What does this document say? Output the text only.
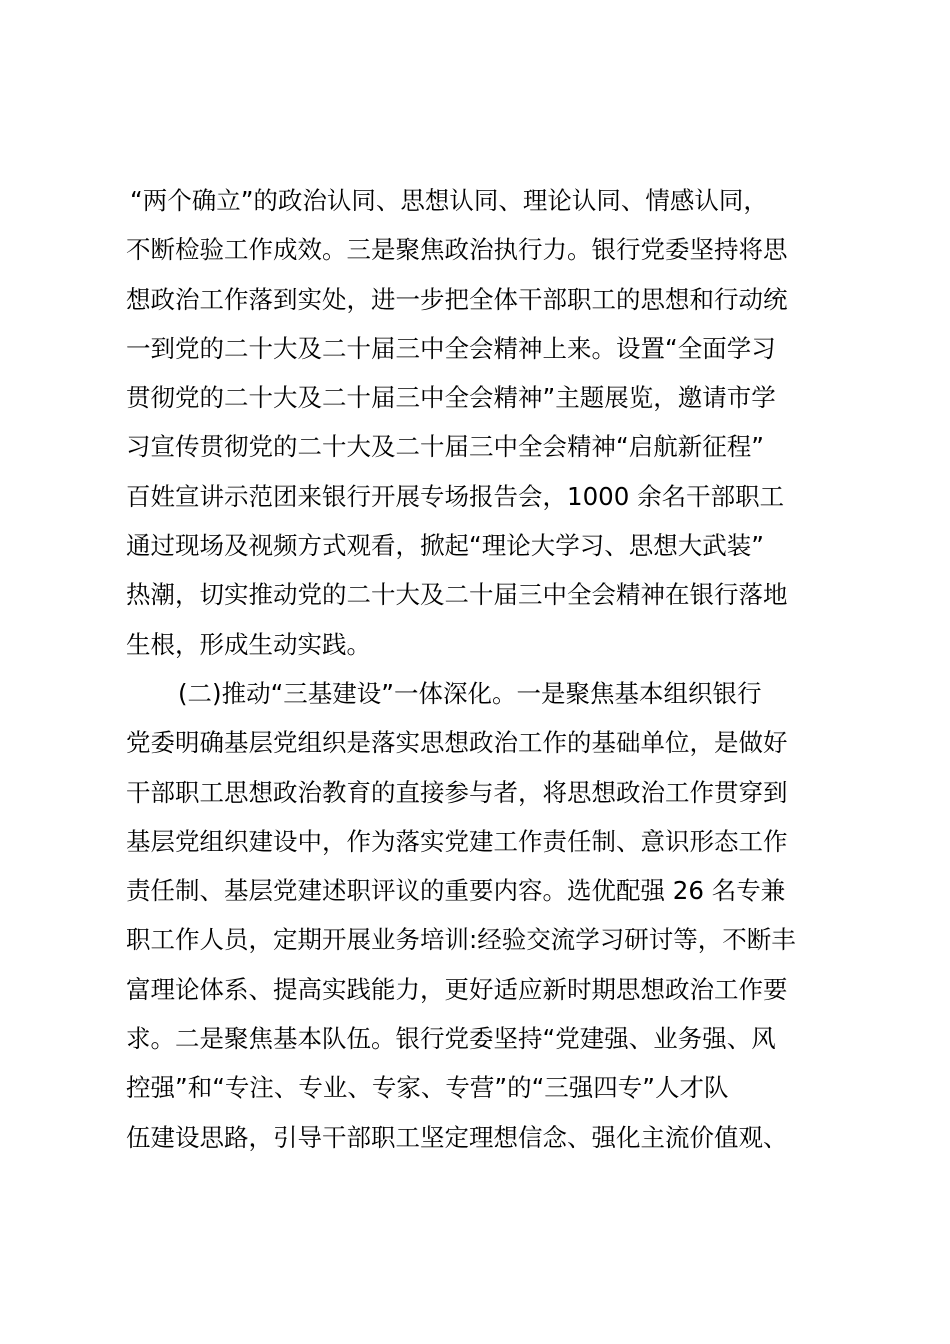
“两个确立”的政治认同、思想认同、理论认同、情感认同，
不断检验工作成效。三是聚焦政治执行力。银行党委坚持将思
想政治工作落到实处，进一步把全体干部职工的思想和行动统
一到党的二十大及二十届三中全会精神上来。设置“全面学习
贯彻党的二十大及二十届三中全会精神”主题展览，邀请市学
习宣传贯彻党的二十大及二十届三中全会精神“启航新征程”
百姓宣讲示范团来银行开展专场报告会，1000 余名干部职工
通过现场及视频方式观看，掀起“理论大学习、思想大武装”
热潮，切实推动党的二十大及二十届三中全会精神在银行落地
生根，形成生动实践。
(二)推动“三基建设”一体深化。一是聚焦基本组织银行
党委明确基层党组织是落实思想政治工作的基础单位，是做好
干部职工思想政治教育的直接参与者，将思想政治工作贯穿到
基层党组织建设中，作为落实党建工作责任制、意识形态工作
责任制、基层党建述职评议的重要内容。选优配强 26 名专兼
职工作人员，定期开展业务培训:经验交流学习研讨等，不断丰
富理论体系、提高实践能力，更好适应新时期思想政治工作要
求。二是聚焦基本队伍。银行党委坚持“党建强、业务强、风
控强”和“专注、专业、专家、专营”的“三强四专”人才队
伍建设思路，引导干部职工坚定理想信念、强化主流价值观、
